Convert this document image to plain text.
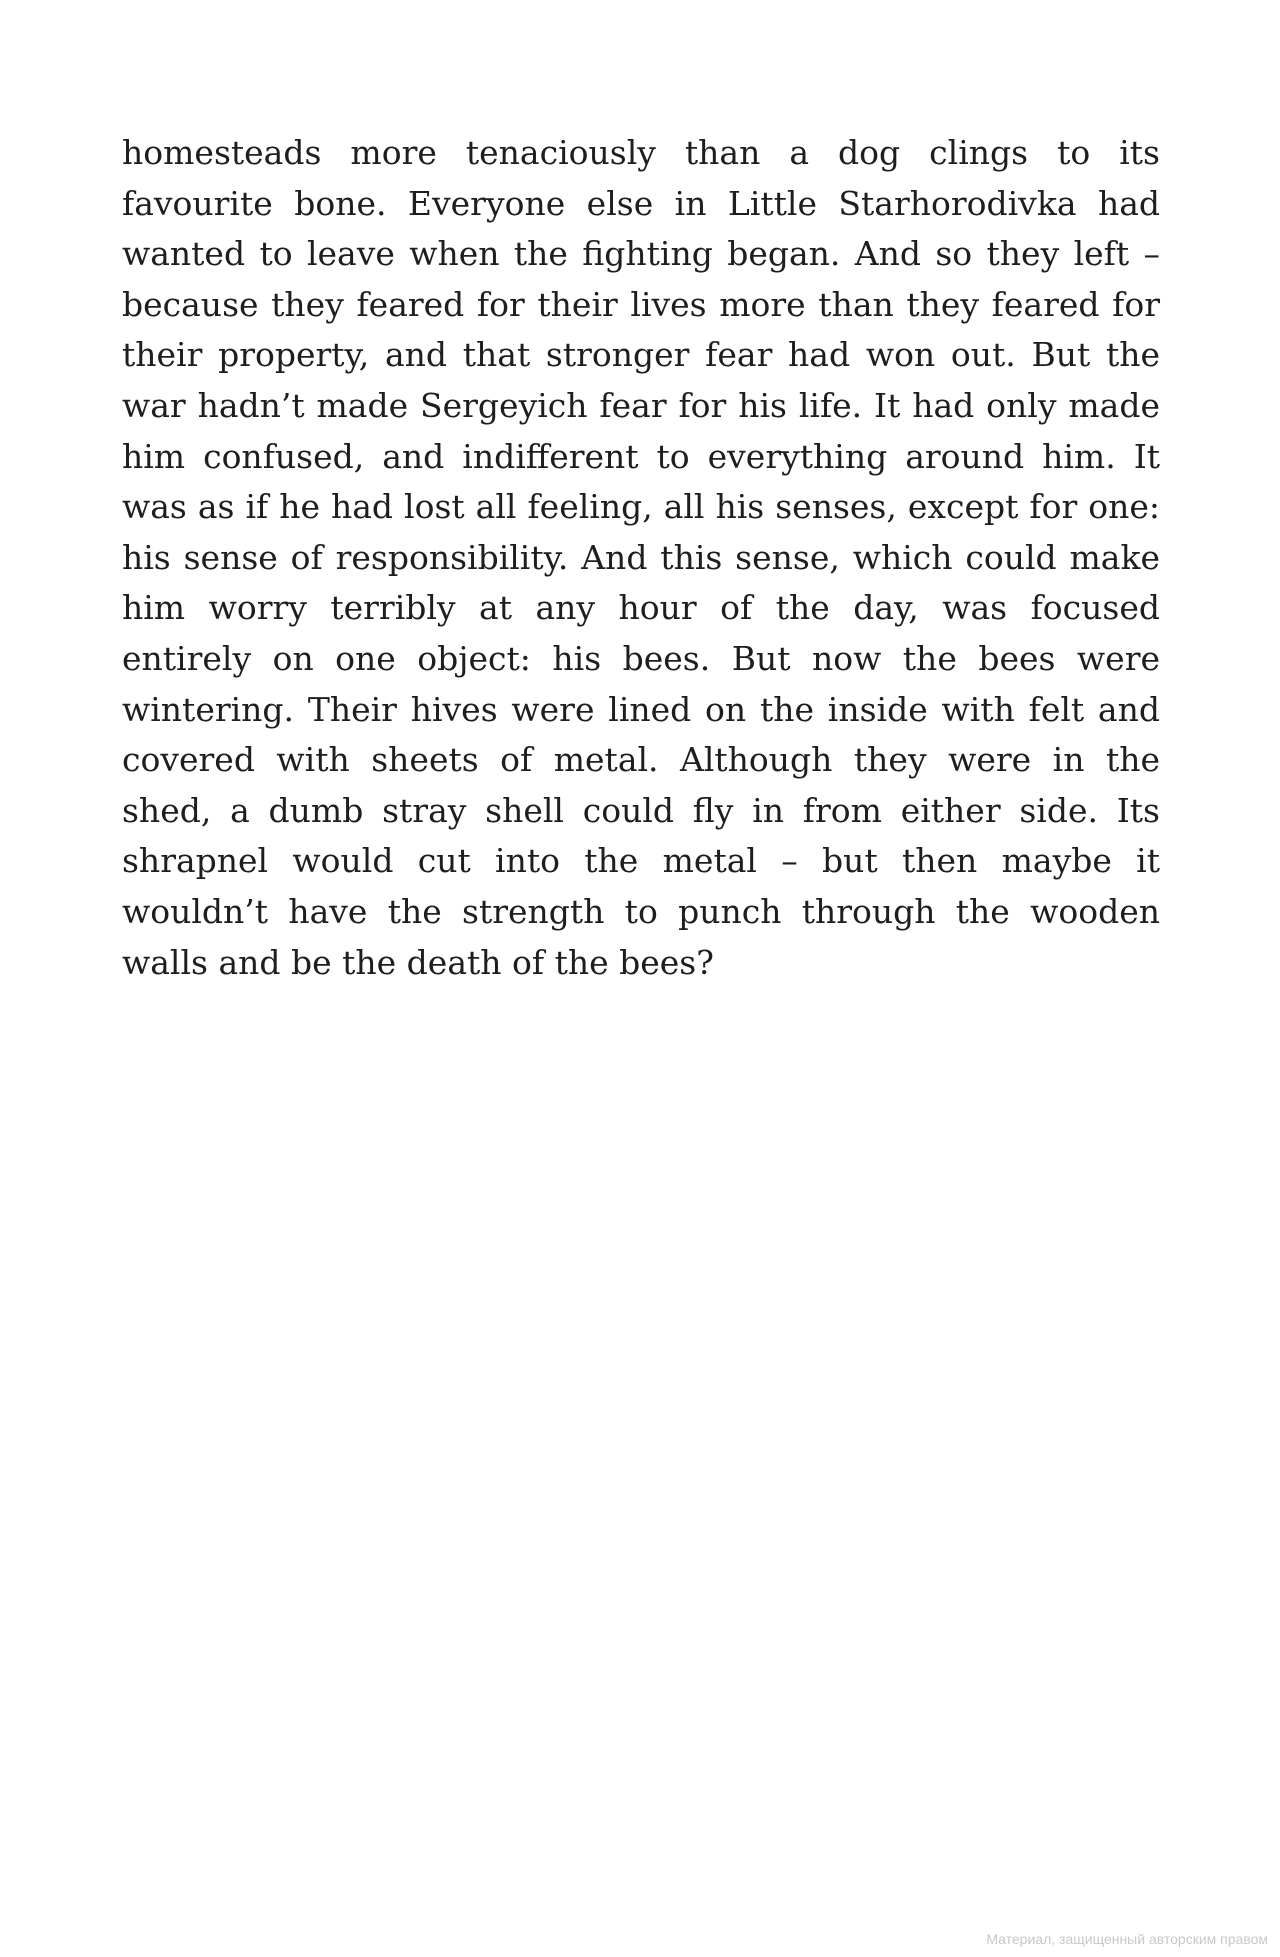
homesteads more tenaciously than a dog clings to its favourite bone. Everyone else in Little Starhorodivka had wanted to leave when the fighting began. And so they left – because they feared for their lives more than they feared for their property, and that stronger fear had won out. But the war hadn’t made Sergeyich fear for his life. It had only made him confused, and indifferent to everything around him. It was as if he had lost all feeling, all his senses, except for one: his sense of responsibility. And this sense, which could make him worry terribly at any hour of the day, was focused entirely on one object: his bees. But now the bees were wintering. Their hives were lined on the inside with felt and covered with sheets of metal. Although they were in the shed, a dumb stray shell could fly in from either side. Its shrapnel would cut into the metal – but then maybe it wouldn’t have the strength to punch through the wooden walls and be the death of the bees?

Материал, защищенный авторским правом
